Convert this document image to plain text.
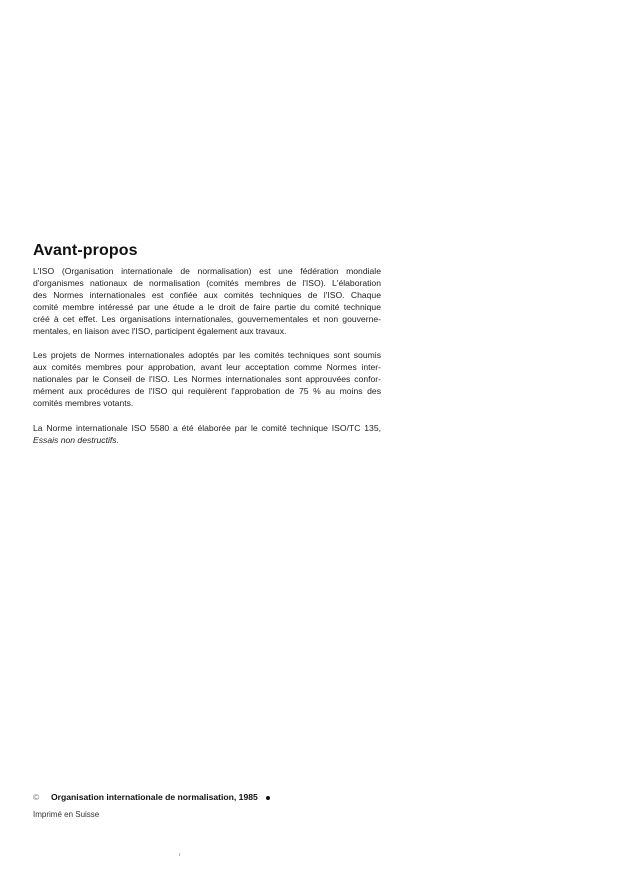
Avant-propos
L'ISO (Organisation internationale de normalisation) est une fédération mondiale
d'organismes nationaux de normalisation (comités membres de l'ISO). L'élaboration
des Normes internationales est confiée aux comités techniques de l'ISO. Chaque
comité membre intéressé par une étude a le droit de faire partie du comité technique
créé à cet effet. Les organisations internationales, gouvernementales et non gouverne-
mentales, en liaison avec l'ISO, participent également aux travaux.
Les projets de Normes internationales adoptés par les comités techniques sont soumis
aux comités membres pour approbation, avant leur acceptation comme Normes inter-
nationales par le Conseil de l'ISO. Les Normes internationales sont approuvées confor-
mément aux procédures de l'ISO qui requièrent l'approbation de 75 % au moins des
comités membres votants.
La Norme internationale ISO 5580 a été élaborée par le comité technique ISO/TC 135,
Essais non destructifs.
© Organisation internationale de normalisation, 1985
Imprimé en Suisse
